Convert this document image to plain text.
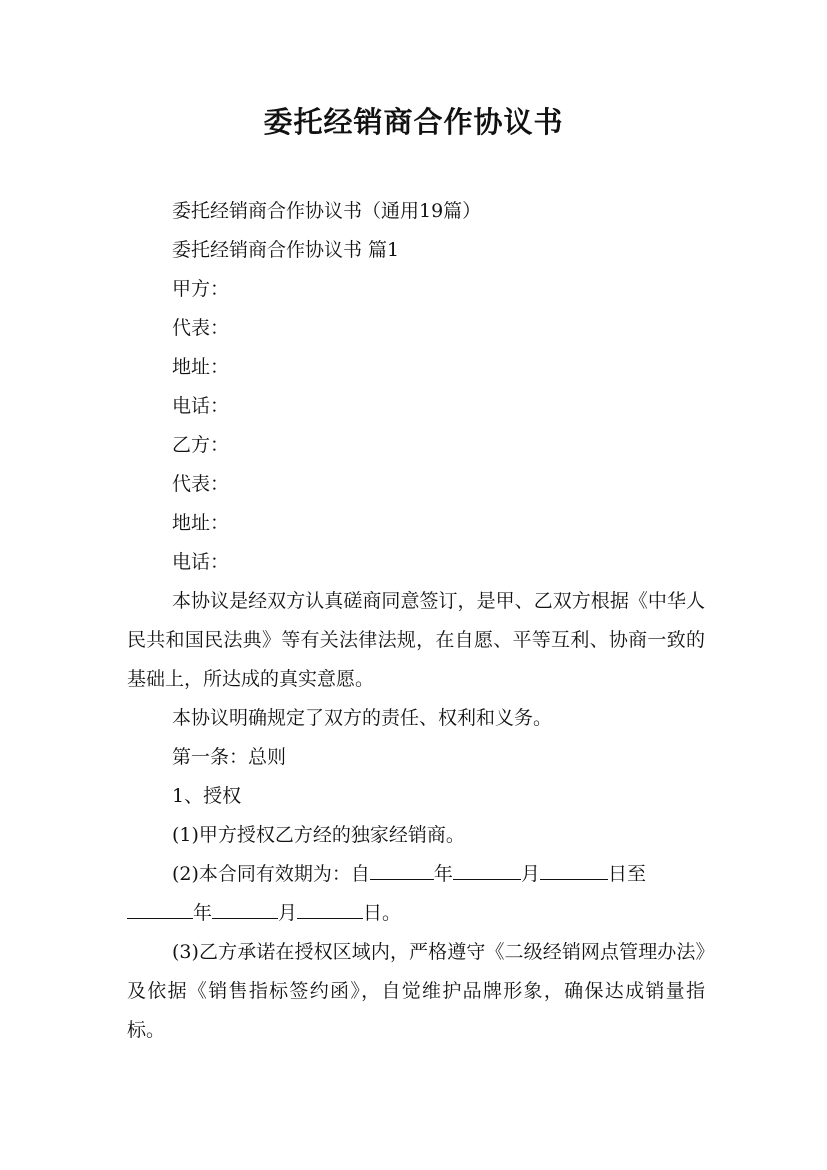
委托经销商合作协议书

委托经销商合作协议书（通用19篇）

委托经销商合作协议书 篇1

甲方：

代表：

地址：

电话：

乙方：

代表：

地址：

电话：

本协议是经双方认真磋商同意签订，是甲、乙双方根据《中华人民共和国民法典》等有关法律法规，在自愿、平等互利、协商一致的基础上，所达成的真实意愿。

本协议明确规定了双方的责任、权利和义务。

第一条：总则

1、授权

(1)甲方授权乙方经的独家经销商。

(2)本合同有效期为：自	年	月	日至

年	月	日。

(3)乙方承诺在授权区域内，严格遵守《二级经销网点管理办法》及依据《销售指标签约函》，自觉维护品牌形象，确保达成销量指标。
